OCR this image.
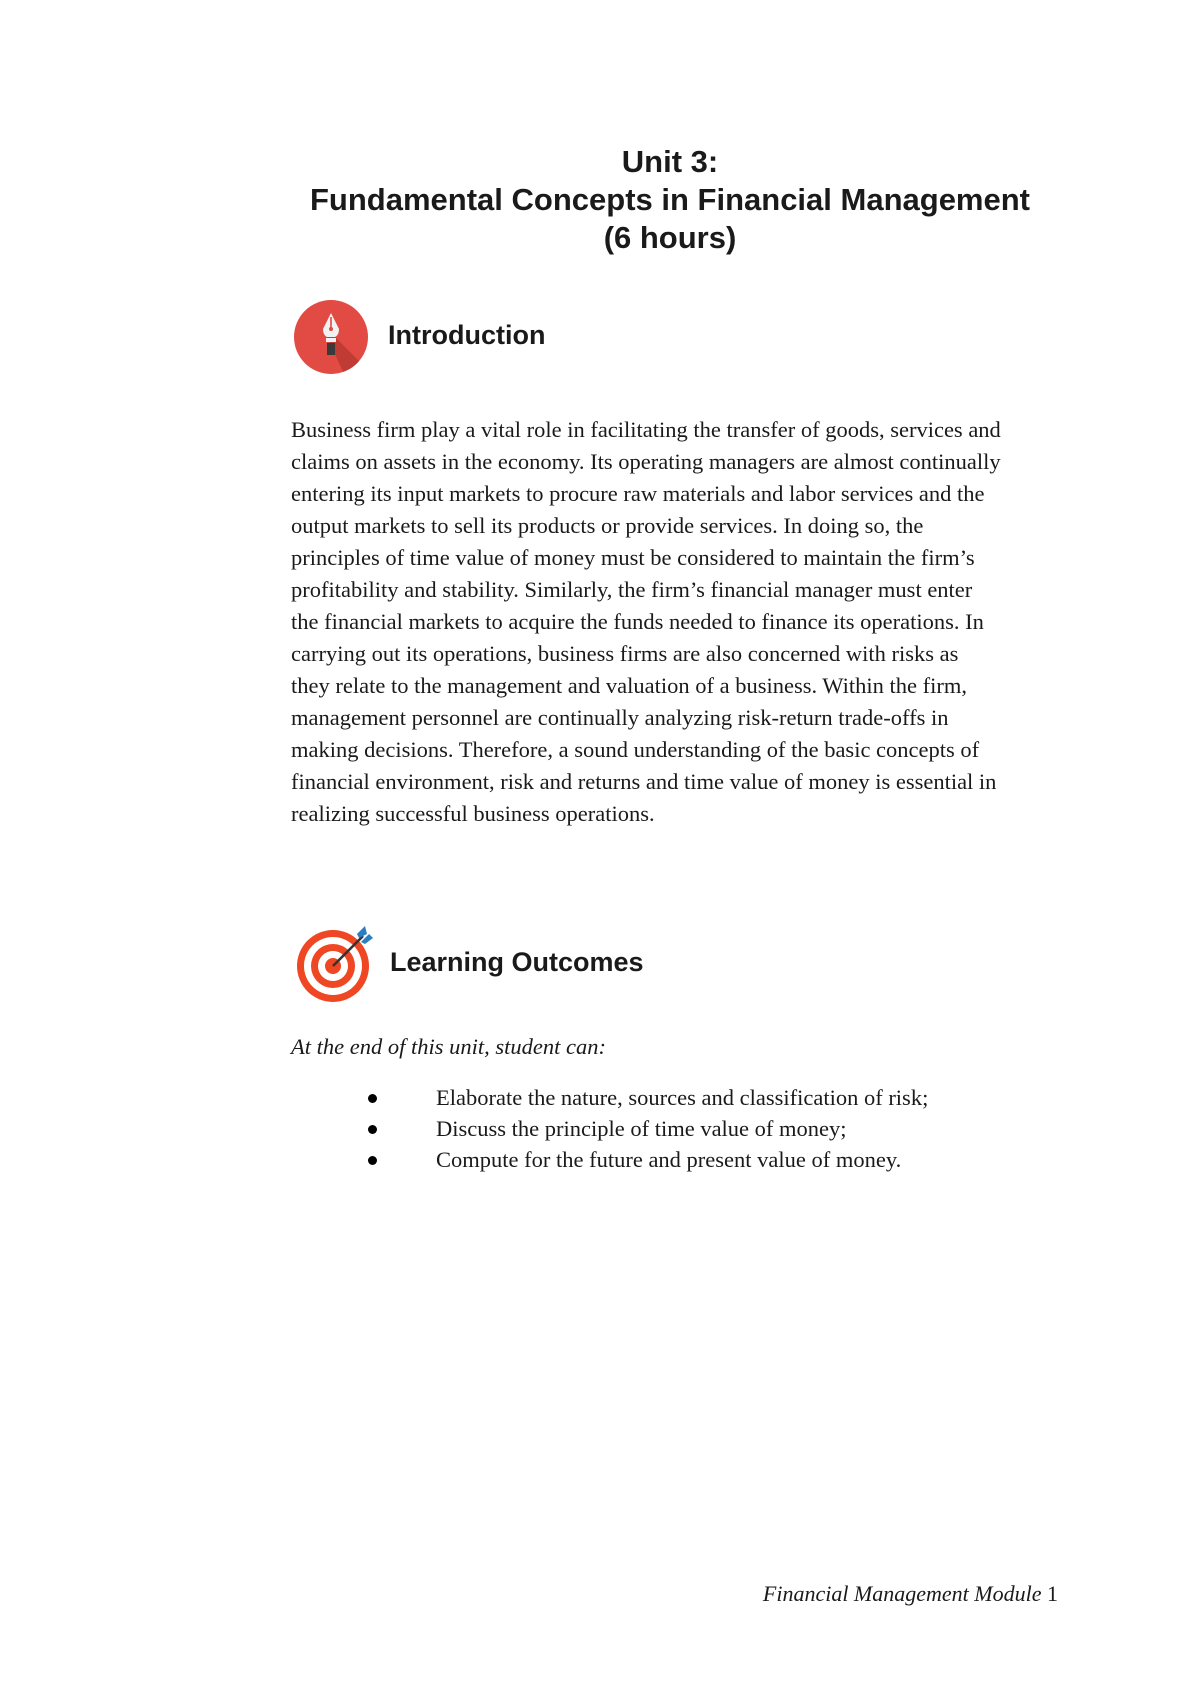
Unit 3:
Fundamental Concepts in Financial Management
(6 hours)
Introduction
Business firm play a vital role in facilitating the transfer of goods, services and
claims on assets in the economy. Its operating managers are almost continually
entering its input markets to procure raw materials and labor services and the
output markets to sell its products or provide services. In doing so, the
principles of time value of money must be considered to maintain the firm’s
profitability and stability. Similarly, the firm’s financial manager must enter
the financial markets to acquire the funds needed to finance its operations. In
carrying out its operations, business firms are also concerned with risks as
they relate to the management and valuation of a business. Within the firm,
management personnel are continually analyzing risk-return trade-offs in
making decisions. Therefore, a sound understanding of the basic concepts of
financial environment, risk and returns and time value of money is essential in
realizing successful business operations.
Learning Outcomes

At the end of this unit, student can:

Elaborate the nature, sources and classification of risk;
Discuss the principle of time value of money;
Compute for the future and present value of money.
Financial Management Module 1
